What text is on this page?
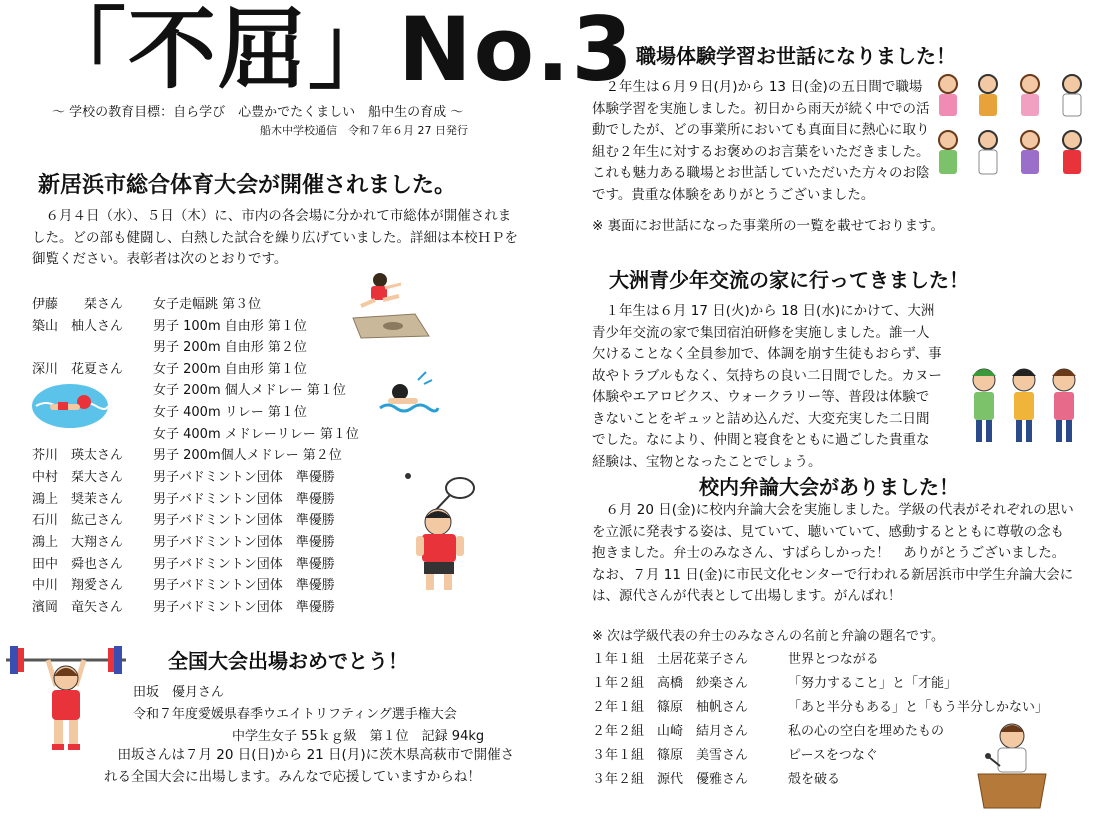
「不屈」No.3
～ 学校の教育目標：自ら学び　心豊かでたくましい　船中生の育成 ～
船木中学校通信　令和７年６月 27 日発行
新居浜市総合体育大会が開催されました。
　６月４日（水）、５日（木）に、市内の各会場に分かれて市総体が開催されました。どの部も健闘し、白熱した試合を繰り広げていました。詳細は本校ＨＰを御覧ください。表彰者は次のとおりです。
伊藤　　栞さん 女子走幅跳 第３位
築山　柚人さん 男子 100m 自由形 第１位
男子 200m 自由形 第２位
深川　花夏さん 女子 200m 自由形 第１位
女子 200m 個人メドレー 第１位
女子 400m リレー 第１位
女子 400m メドレーリレー 第１位
芥川　瑛太さん 男子 200m個人メドレー 第２位
中村　栞大さん 男子バドミントン団体　準優勝
鴻上　奨茉さん 男子バドミントン団体　準優勝
石川　紘己さん 男子バドミントン団体　準優勝
鴻上　大翔さん 男子バドミントン団体　準優勝
田中　舜也さん 男子バドミントン団体　準優勝
中川　翔愛さん 男子バドミントン団体　準優勝
濱岡　竜矢さん 男子バドミントン団体　準優勝
全国大会出場おめでとう！
田坂　優月さん
令和７年度愛媛県春季ウエイトリフティング選手権大会
中学生女子 55ｋｇ級　第１位　記録 94kg
　田坂さんは７月 20 日(日)から 21 日(月)に茨木県高萩市で開催される全国大会に出場します。みんなで応援していますからね！
職場体験学習お世話になりました！
　２年生は６月９日(月)から 13 日(金)の五日間で職場体験学習を実施しました。初日から雨天が続く中での活動でしたが、どの事業所においても真面目に熱心に取り組む２年生に対するお褒めのお言葉をいただきました。これも魅力ある職場とお世話していただいた方々のお陰です。貴重な体験をありがとうございました。
※ 裏面にお世話になった事業所の一覧を載せております。
大洲青少年交流の家に行ってきました！
　１年生は６月 17 日(火)から 18 日(水)にかけて、大洲青少年交流の家で集団宿泊研修を実施しました。誰一人欠けることなく全員参加で、体調を崩す生徒もおらず、事故やトラブルもなく、気持ちの良い二日間でした。カヌー体験やエアロビクス、ウォークラリー等、普段は体験できないことをギュッと詰め込んだ、大変充実した二日間でした。なにより、仲間と寝食をともに過ごした貴重な経験は、宝物となったことでしょう。
校内弁論大会がありました！
　６月 20 日(金)に校内弁論大会を実施しました。学級の代表がそれぞれの思いを立派に発表する姿は、見ていて、聴いていて、感動するとともに尊敬の念も抱きました。弁士のみなさん、すばらしかった！　ありがとうございました。なお、７月 11 日(金)に市民文化センターで行われる新居浜市中学生弁論大会には、源代さんが代表として出場します。がんばれ！
※ 次は学級代表の弁士のみなさんの名前と弁論の題名です。
１年１組 土居花菜子さん	世界とつながる
１年２組 高橋　紗楽さん	「努力すること」と「才能」
２年１組 篠原　柚帆さん	「あと半分もある」と「もう半分しかない」
２年２組 山崎　結月さん	私の心の空白を埋めたもの
３年１組 篠原　美雪さん	ピースをつなぐ
３年２組 源代　優雅さん	殻を破る
